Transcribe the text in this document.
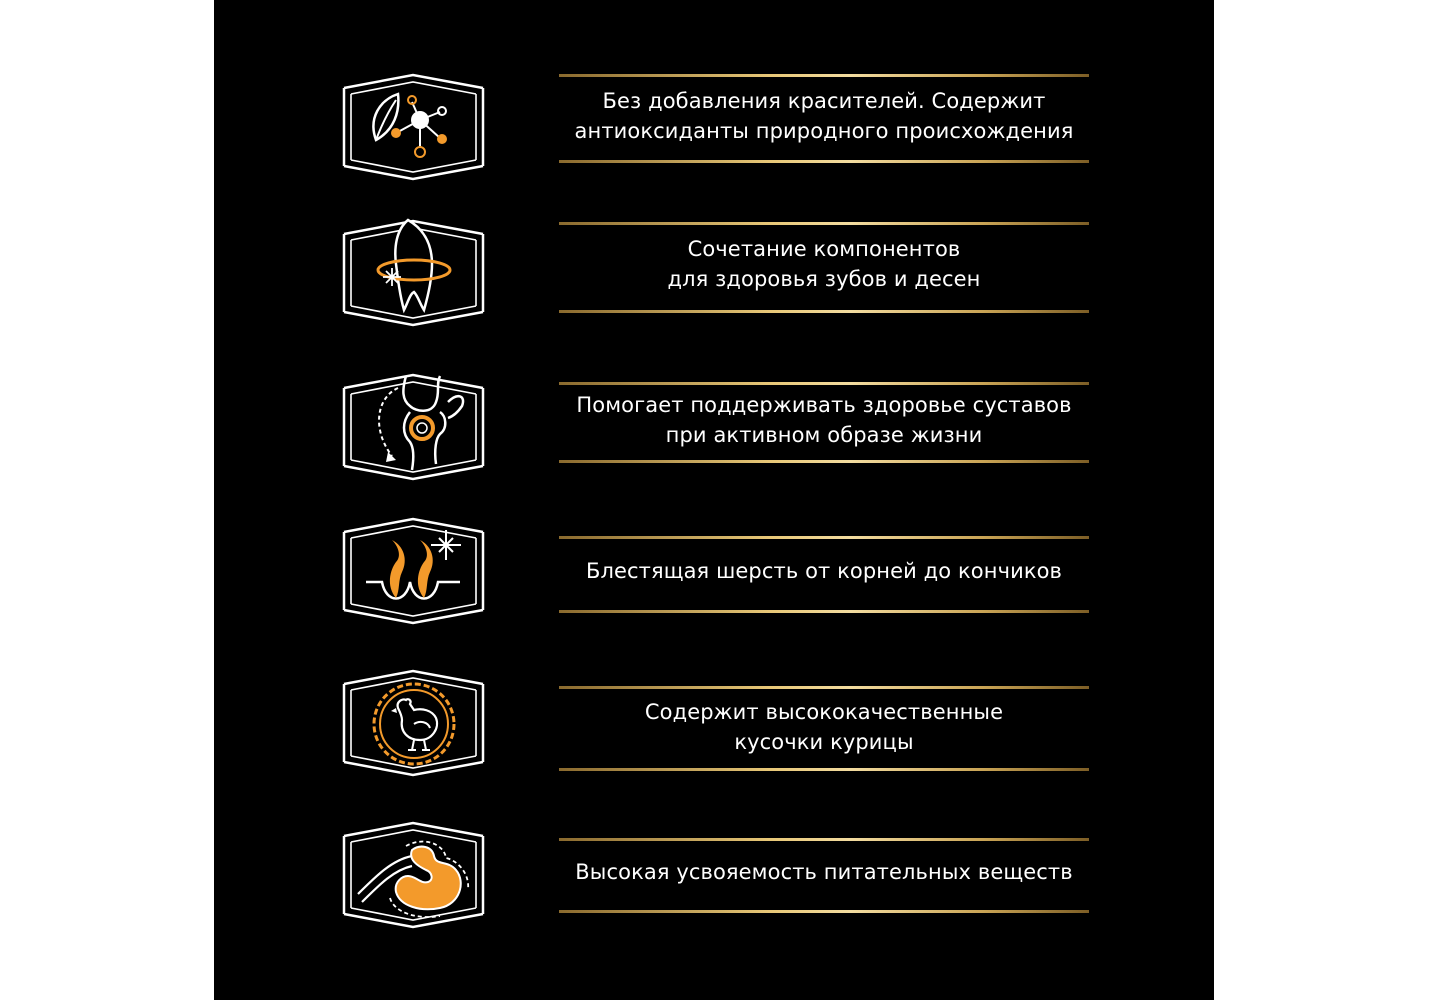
Без добавления красителей. Содержит
антиоксиданты природного происхождения
Сочетание компонентов
для здоровья зубов и десен
Помогает поддерживать здоровье суставов
при активном образе жизни
Блестящая шерсть от корней до кончиков
Содержит высококачественные
кусочки курицы
Высокая усвояемость питательных веществ
